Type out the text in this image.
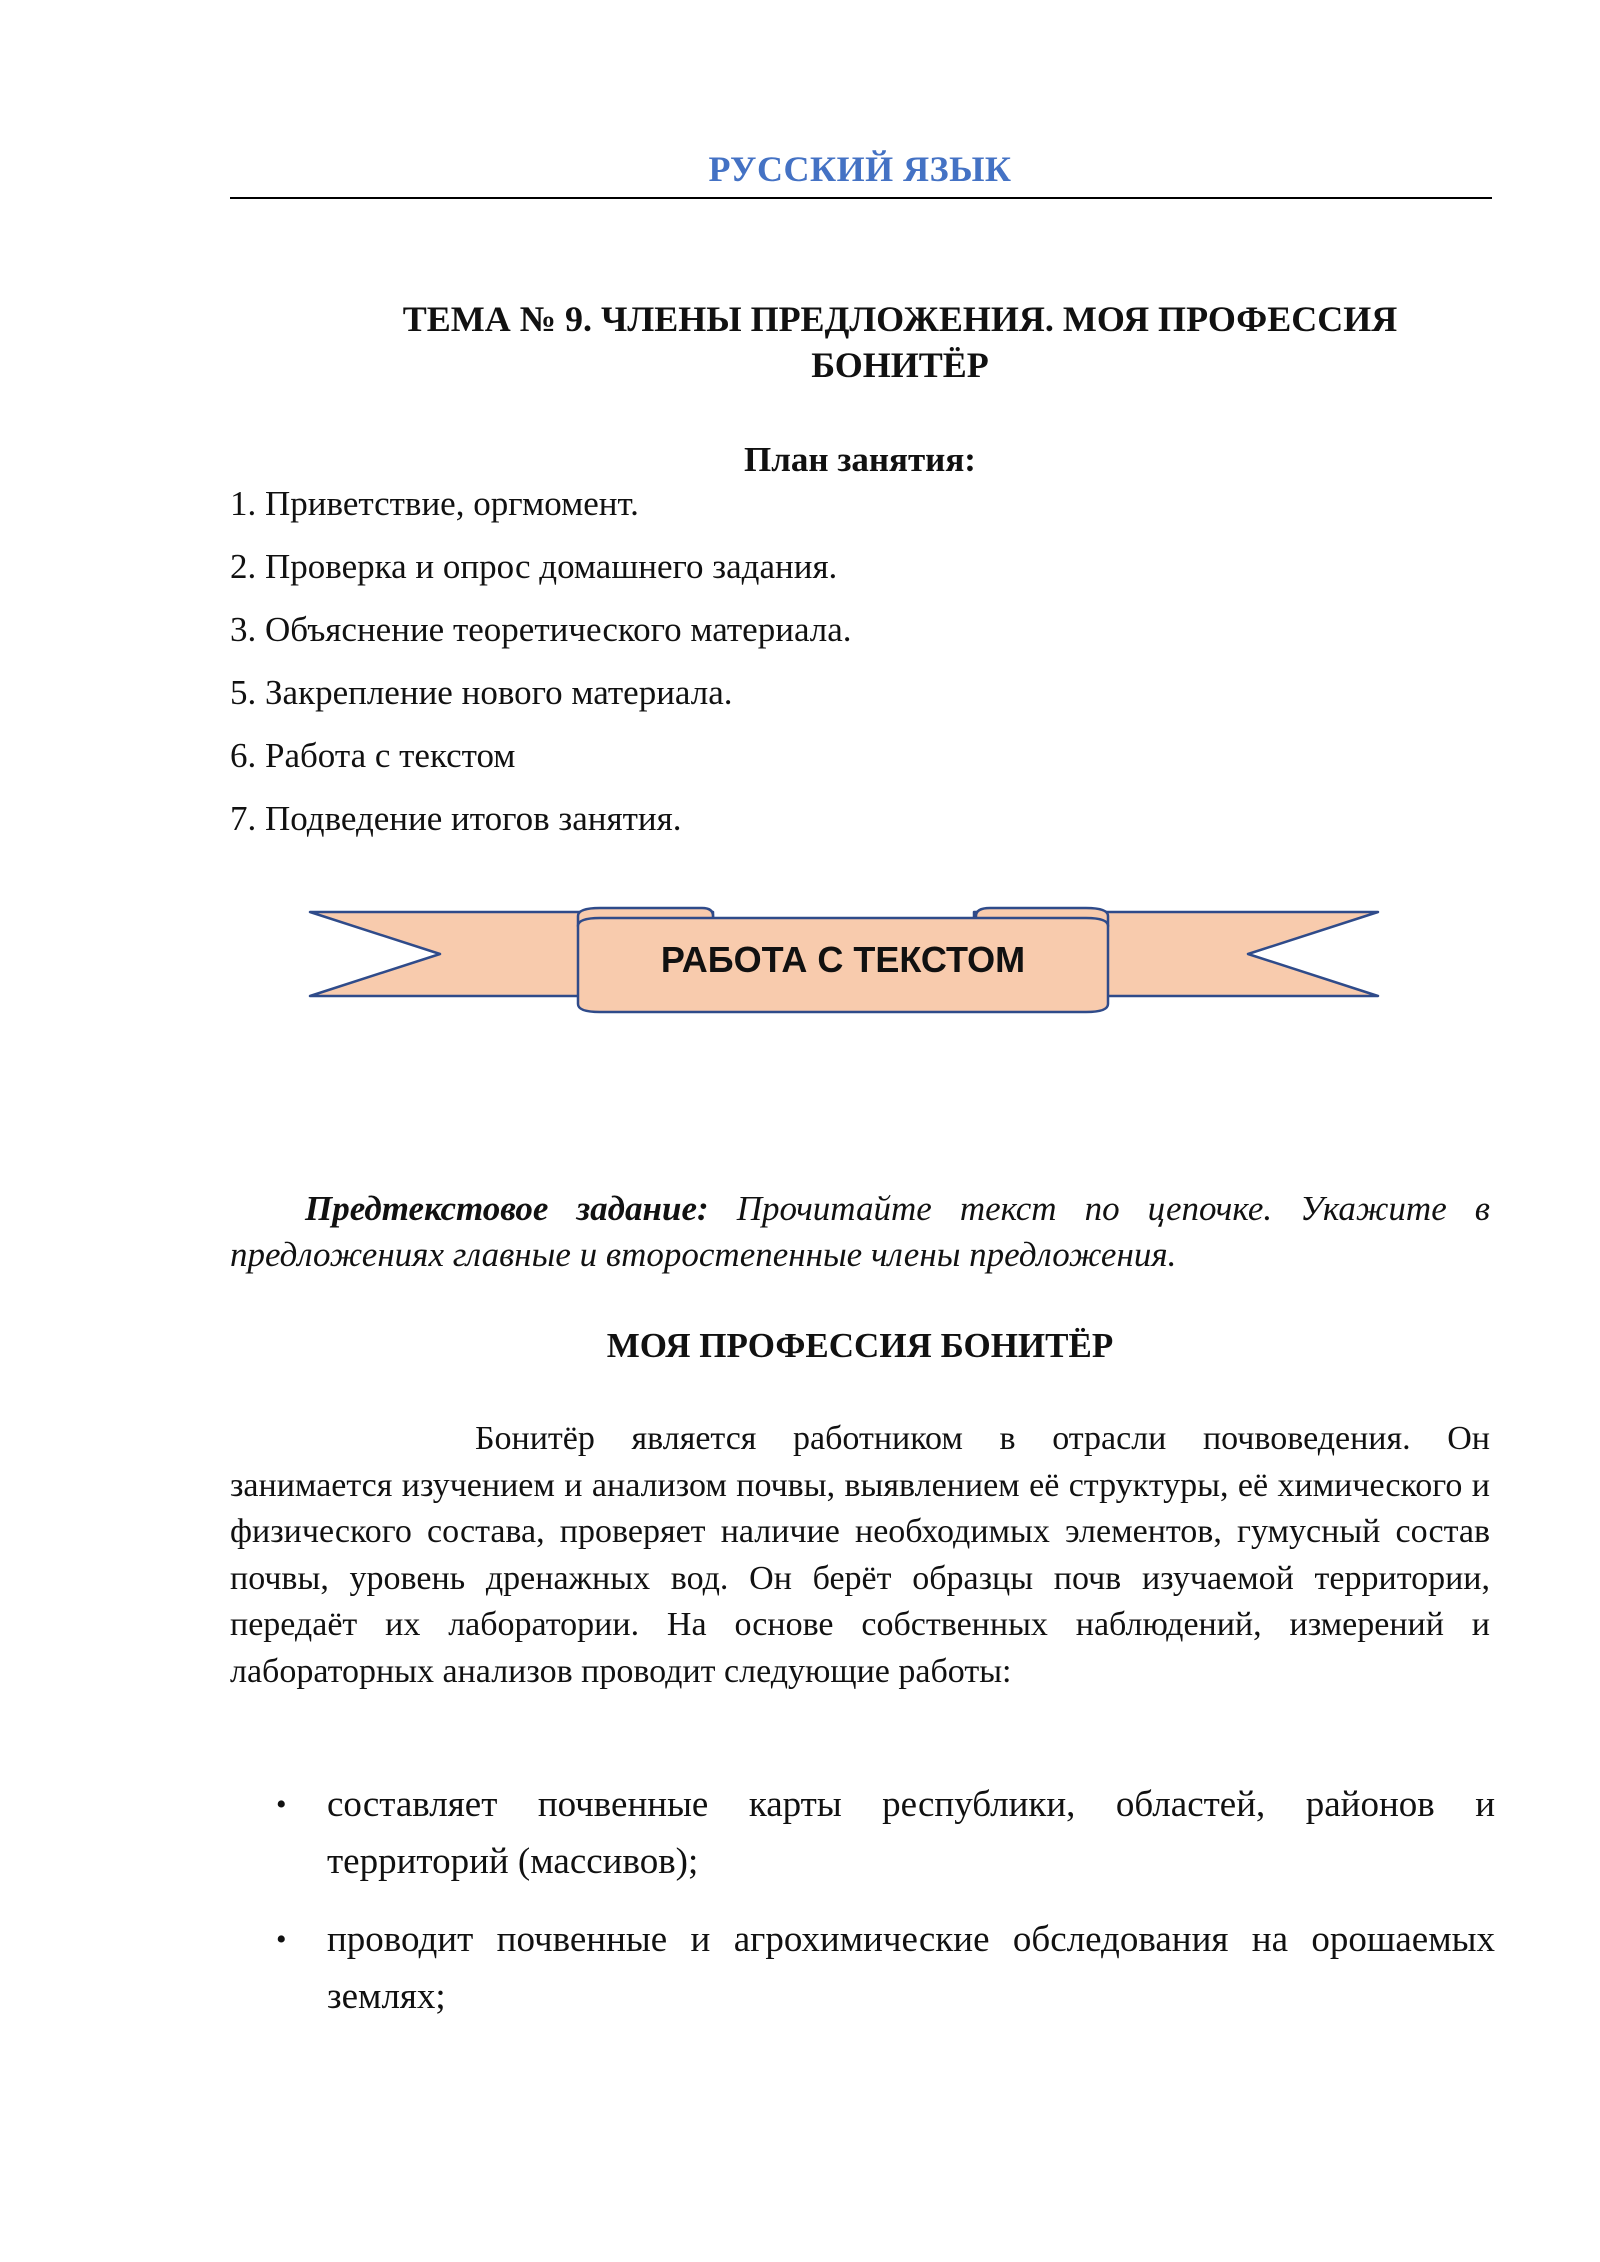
РУССКИЙ ЯЗЫК
ТЕМА № 9. ЧЛЕНЫ ПРЕДЛОЖЕНИЯ. МОЯ ПРОФЕССИЯ
БОНИТЁР
План занятия:
1. Приветствие, оргмомент.
2. Проверка и опрос домашнего задания.
3. Объяснение теоретического материала.
5. Закрепление нового материала.
6. Работа с текстом
7. Подведение итогов занятия.
РАБОТА С ТЕКСТОМ
Предтекстовое задание: Прочитайте текст по цепочке. Укажите в предложениях главные и второстепенные члены предложения.
МОЯ ПРОФЕССИЯ БОНИТЁР

Бонитёр является работником в отрасли почвоведения. Он занимается изучением и анализом почвы, выявлением её структуры, её химического и физического состава, проверяет наличие необходимых элементов, гумусный состав почвы, уровень дренажных вод. Он берёт образцы почв изучаемой территории, передаёт их лаборатории. На основе собственных наблюдений, измерений и лабораторных анализов проводит следующие работы:

• составляет почвенные карты республики, областей, районов и территорий (массивов);
• проводит почвенные и агрохимические обследования на орошаемых землях;
